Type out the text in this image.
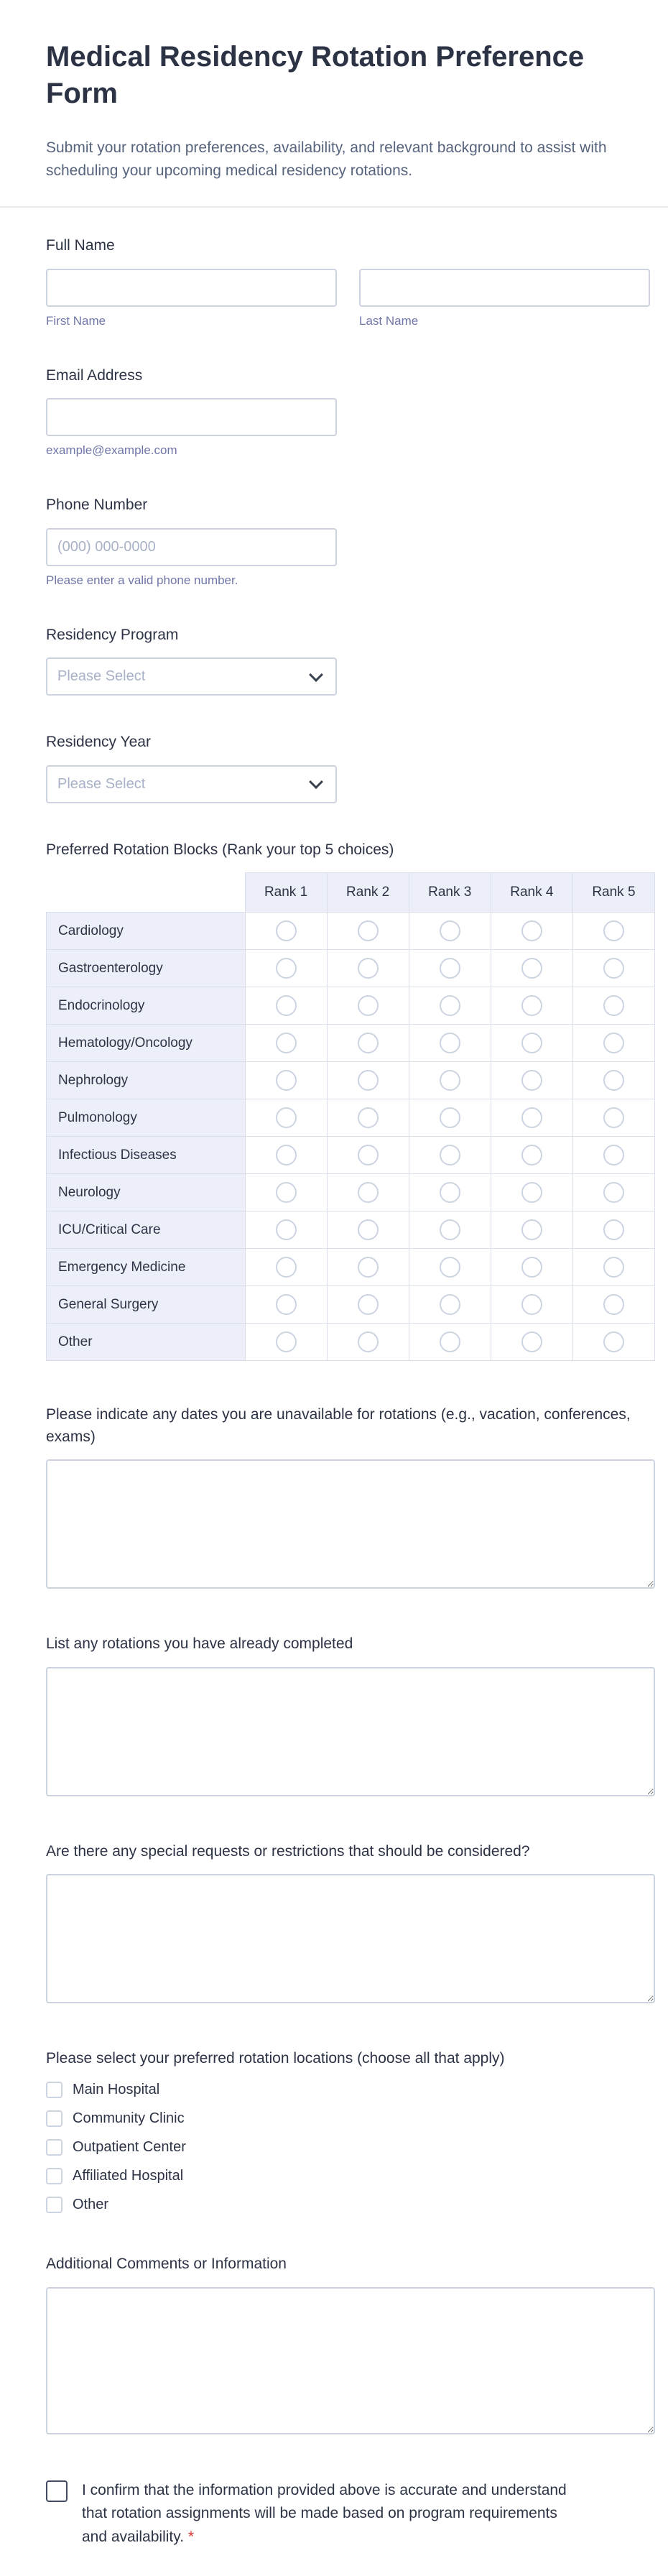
Medical Residency Rotation Preference Form

Submit your rotation preferences, availability, and relevant background to assist with scheduling your upcoming medical residency rotations.

Full Name
First Name	Last Name
Email Address
example@example.com
Phone Number
(000) 000-0000
Please enter a valid phone number.
Residency Program
Please Select
Residency Year
Please Select
Preferred Rotation Blocks (Rank your top 5 choices)
	Rank 1	Rank 2	Rank 3	Rank 4	Rank 5
Cardiology					
Gastroenterology					
Endocrinology					
Hematology/Oncology					
Nephrology					
Pulmonology					
Infectious Diseases					
Neurology					
ICU/Critical Care					
Emergency Medicine					
General Surgery					
Other					
Please indicate any dates you are unavailable for rotations (e.g., vacation, conferences, exams)
List any rotations you have already completed
Are there any special requests or restrictions that should be considered?
Please select your preferred rotation locations (choose all that apply)
Main Hospital
Community Clinic
Outpatient Center
Affiliated Hospital
Other
Additional Comments or Information
I confirm that the information provided above is accurate and understand that rotation assignments will be made based on program requirements and availability. *
